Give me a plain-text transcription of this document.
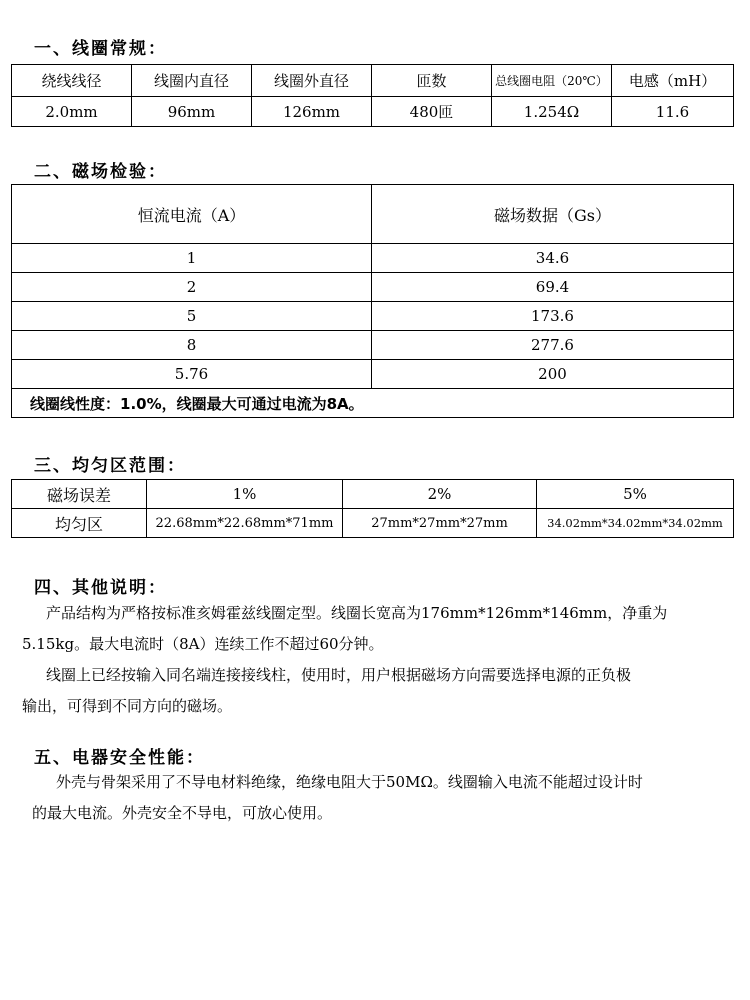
一、线圈常规：
绕线线径	线圈内直径	线圈外直径	匝数	总线圈电阻（20℃）	电感（mH）
2.0mm	96mm	126mm	480匝	1.254Ω	11.6
二、磁场检验：
恒流电流（A）	磁场数据（Gs）
1	34.6
2	69.4
5	173.6
8	277.6
5.76	200
线圈线性度：1.0%，线圈最大可通过电流为8A。	
三、均匀区范围：
磁场误差	1%	2%	5%
均匀区	22.68mm*22.68mm*71mm	27mm*27mm*27mm	34.02mm*34.02mm*34.02mm
四、其他说明：

产品结构为严格按标准亥姆霍兹线圈定型。线圈长宽高为176mm*126mm*146mm，净重为

5.15kg。最大电流时（8A）连续工作不超过60分钟。

线圈上已经按输入同名端连接接线柱，使用时，用户根据磁场方向需要选择电源的正负极

输出，可得到不同方向的磁场。

五、电器安全性能：

外壳与骨架采用了不导电材料绝缘，绝缘电阻大于50MΩ。线圈输入电流不能超过设计时

的最大电流。外壳安全不导电，可放心使用。
